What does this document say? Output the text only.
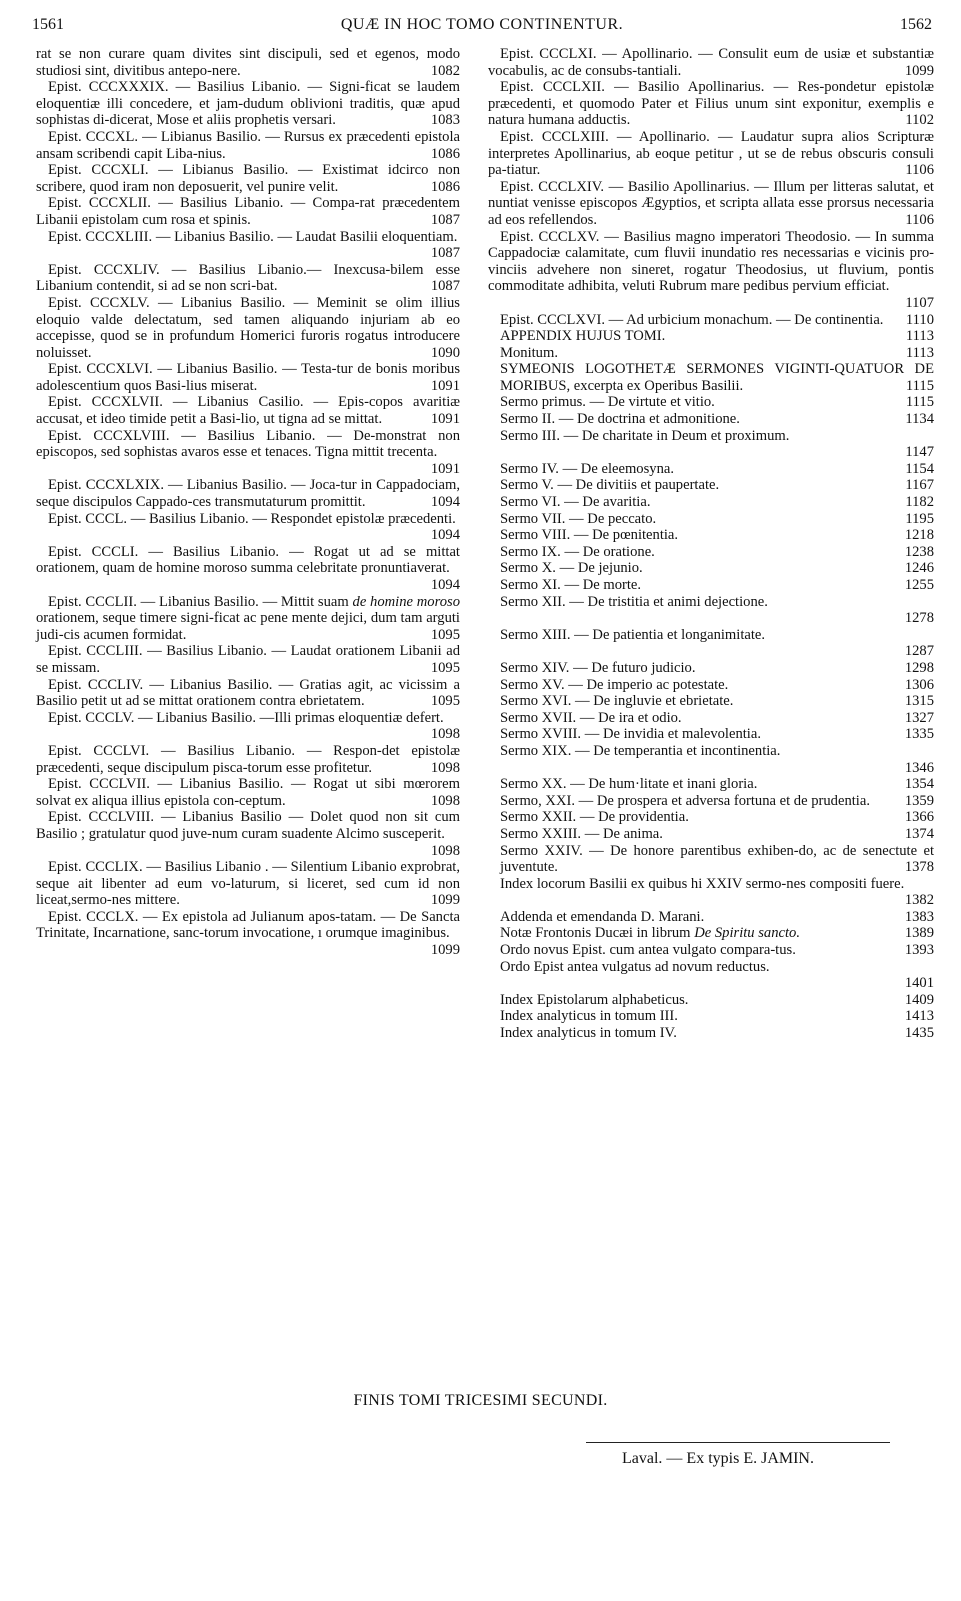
1561	QUÆ IN HOC TOMO CONTINENTUR.	1562

rat se non curare quam divites sint discipuli, sed et egenos, modo studiosi sint, divitibus antepo-nere.	1082

Epist. CCCXXXIX. — Basilius Libanio. — Signi-ficat se laudem eloquentiæ illi concedere, et jam-dudum oblivioni traditis, quæ apud sophistas di-dicerat, Mose et aliis prophetis versari.	1083

Epist. CCCXL. — Libianus Basilio. — Rursus ex præcedenti epistola ansam scribendi capit Liba-nius.	1086

Epist. CCCXLI. — Libianus Basilio. — Existimat idcirco non scribere, quod iram non deposuerit, vel punire velit.	1086

Epist. CCCXLII. — Basilius Libanio. — Compa-rat præcedentem Libanii epistolam cum rosa et spinis.	1087

Epist. CCCXLIII. — Libanius Basilio. — Laudat Basilii eloquentiam.
1087

Epist. CCCXLIV. — Basilius Libanio.— Inexcusa-bilem esse Libanium contendit, si ad se non scri-bat.	1087

Epist. CCCXLV. — Libanius Basilio. — Meminit se olim illius eloquio valde delectatum, sed tamen aliquando injuriam ab eo accepisse, quod se in profundum Homerici furoris rogatus introducere noluisset.	1090

Epist. CCCXLVI. — Libanius Basilio. — Testa-tur de bonis moribus adolescentium quos Basi-lius miserat.	1091

Epist. CCCXLVII. — Libanius Casilio. — Epis-copos avaritiæ accusat, et ideo timide petit a Basi-lio, ut tigna ad se mittat.	1091

Epist. CCCXLVIII. — Basilius Libanio. — De-monstrat non episcopos, sed sophistas avaros esse et tenaces. Tigna mittit trecenta.
1091

Epist. CCCXLXIX. — Libanius Basilio. — Joca-tur in Cappadociam, seque discipulos Cappado-ces transmutaturum promittit.	1094

Epist. CCCL. — Basilius Libanio. — Respondet epistolæ præcedenti.
1094

Epist. CCCLI. — Basilius Libanio. — Rogat ut ad se mittat orationem, quam de homine moroso summa celebritate pronuntiaverat.
1094

Epist. CCCLII. — Libanius Basilio. — Mittit suam de homine moroso orationem, seque timere signi-ficat ac pene mente dejici, dum tam arguti judi-cis acumen formidat.	1095

Epist. CCCLIII. — Basilius Libanio. — Laudat orationem Libanii ad se missam.	1095

Epist. CCCLIV. — Libanius Basilio. — Gratias agit, ac vicissim a Basilio petit ut ad se mittat orationem contra ebrietatem.	1095

Epist. CCCLV. — Libanius Basilio. —Illi primas eloquentiæ defert.
1098

Epist. CCCLVI. — Basilius Libanio. — Respon-det epistolæ præcedenti, seque discipulum pisca-torum esse profitetur.	1098

Epist. CCCLVII. — Libanius Basilio. — Rogat ut sibi mœrorem solvat ex aliqua illius epistola con-ceptum.	1098

Epist. CCCLVIII. — Libanius Basilio — Dolet quod non sit cum Basilio ; gratulatur quod juve-num curam suadente Alcimo susceperit.
1098

Epist. CCCLIX. — Basilius Libanio . — Silentium Libanio exprobrat, seque ait libenter ad eum vo-laturum, si liceret, sed cum id non liceat,sermo-nes mittere.	1099

Epist. CCCLX. — Ex epistola ad Julianum apos-tatam. — De Sancta Trinitate, Incarnatione, sanc-torum invocatione, ı orumque imaginibus.
1099

Epist. CCCLXI. — Apollinario. — Consulit eum de usiæ et substantiæ vocabulis, ac de consubs-tantiali.	1099

Epist. CCCLXII. — Basilio Apollinarius. — Res-pondetur epistolæ præcedenti, et quomodo Pater et Filius unum sint exponitur, exemplis e natura humana adductis.	1102

Epist. CCCLXIII. — Apollinario. — Laudatur supra alios Scripturæ interpretes Apollinarius, ab eoque petitur , ut se de rebus obscuris consuli pa-tiatur.	1106

Epist. CCCLXIV. — Basilio Apollinarius. — Illum per litteras salutat, et nuntiat venisse episcopos Ægyptios, et scripta allata esse prorsus necessaria ad eos refellendos.	1106

Epist. CCCLXV. — Basilius magno imperatori Theodosio. — In summa Cappadociæ calamitate, cum fluvii inundatio res necessarias e vicinis pro-vinciis advehere non sineret, rogatur Theodosius, ut fluvium, pontis commoditate adhibita, veluti Rubrum mare pedibus pervium efficiat.
1107

Epist. CCCLXVI. — Ad urbicium monachum. — De continentia.	1110

APPENDIX HUJUS TOMI.	1113

Monitum.	1113

SYMEONIS LOGOTHETÆ SERMONES VIGINTI-QUATUOR DE MORIBUS, excerpta ex Operibus Basilii.	1115

Sermo primus. — De virtute et vitio.	1115

Sermo II. — De doctrina et admonitione.	1134

Sermo III. — De charitate in Deum et proximum.

1147

Sermo IV. — De eleemosyna.	1154

Sermo V. — De divitiis et paupertate.	1167

Sermo VI. — De avaritia.	1182

Sermo VII. — De peccato.	1195

Sermo VIII. — De pœnitentia.	1218

Sermo IX. — De oratione.	1238

Sermo X. — De jejunio.	1246

Sermo XI. — De morte.	1255

Sermo XII. — De tristitia et animi dejectione.

1278

Sermo XIII. — De patientia et longanimitate.

1287

Sermo XIV. — De futuro judicio.	1298

Sermo XV. — De imperio ac potestate.	1306

Sermo XVI. — De ingluvie et ebrietate.	1315

Sermo XVII. — De ira et odio.	1327

Sermo XVIII. — De invidia et malevolentia.	1335

Sermo XIX. — De temperantia et incontinentia.

1346

Sermo XX. — De hum·litate et inani gloria.	1354

Sermo, XXI. — De prospera et adversa fortuna et de prudentia.	1359

Sermo XXII. — De providentia.	1366

Sermo XXIII. — De anima.	1374

Sermo XXIV. — De honore parentibus exhiben-do, ac de senectute et juventute.	1378

Index locorum Basilii ex quibus hi XXIV sermo-nes compositi fuere.
1382

Addenda et emendanda D. Marani.	1383

Notæ Frontonis Ducæi in librum De Spiritu sancto.	1389

Ordo novus Epist. cum antea vulgato compara-tus.	1393

Ordo Epist antea vulgatus ad novum reductus.

1401

Index Epistolarum alphabeticus.	1409

Index analyticus in tomum III.	1413

Index analyticus in tomum IV.	1435

FINIS TOMI TRICESIMI SECUNDI.
Laval. — Ex typis E. JAMIN.
